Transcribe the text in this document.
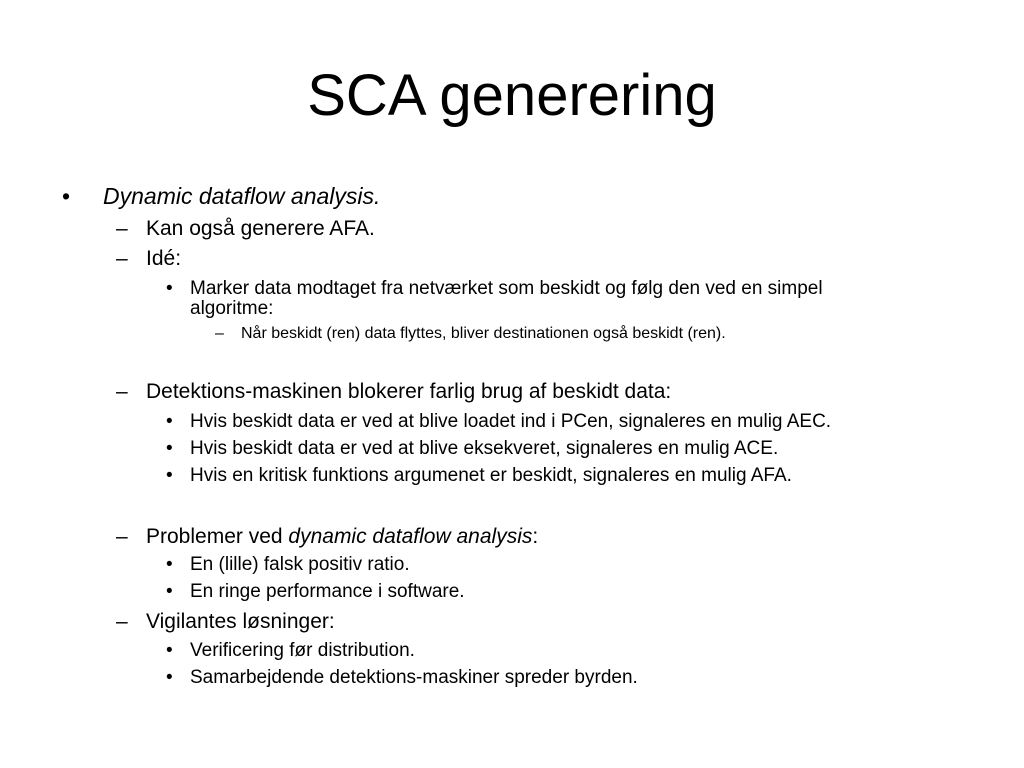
SCA generering
• Dynamic dataflow analysis.
– Kan også generere AFA.
– Idé:
• Marker data modtaget fra netværket som beskidt og følg den ved en simpel
algoritme:
– Når beskidt (ren) data flyttes, bliver destinationen også beskidt (ren).
– Detektions-maskinen blokerer farlig brug af beskidt data:
• Hvis beskidt data er ved at blive loadet ind i PCen, signaleres en mulig AEC.
• Hvis beskidt data er ved at blive eksekveret, signaleres en mulig ACE.
• Hvis en kritisk funktions argumenet er beskidt, signaleres en mulig AFA.
– Problemer ved dynamic dataflow analysis:
• En (lille) falsk positiv ratio.
• En ringe performance i software.
– Vigilantes løsninger:
• Verificering før distribution.
• Samarbejdende detektions-maskiner spreder byrden.
